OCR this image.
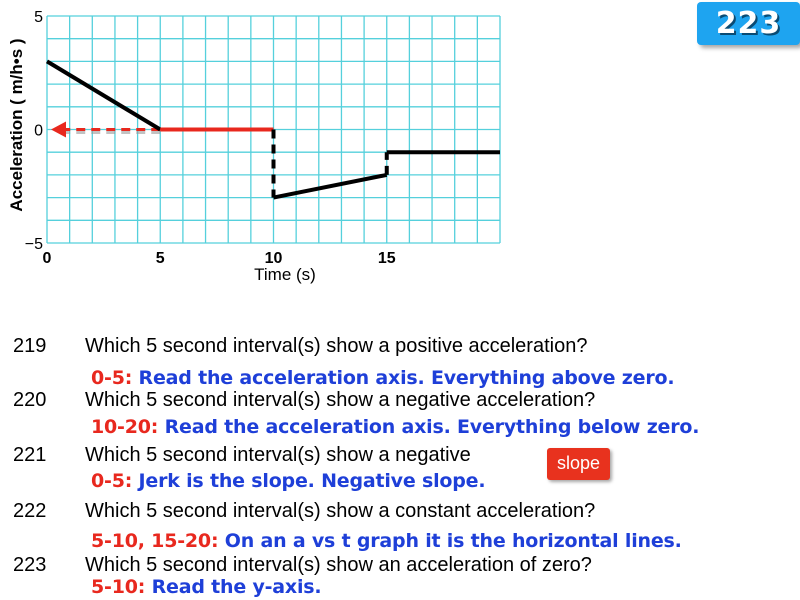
0	5	10	15
5
0
−5
Acceleration ( m/h•s )
Time (s)
223
219 Which 5 second interval(s) show a positive acceleration?
0-5: Read the acceleration axis. Everything above zero.
220 Which 5 second interval(s) show a negative acceleration?
10-20: Read the acceleration axis. Everything below zero.
221 Which 5 second interval(s) show a negative
0-5: Jerk is the slope. Negative slope.
222 Which 5 second interval(s) show a constant acceleration?
5-10, 15-20: On an a vs t graph it is the horizontal lines.
223 Which 5 second interval(s) show an acceleration of zero?
5-10: Read the y-axis.
slope
